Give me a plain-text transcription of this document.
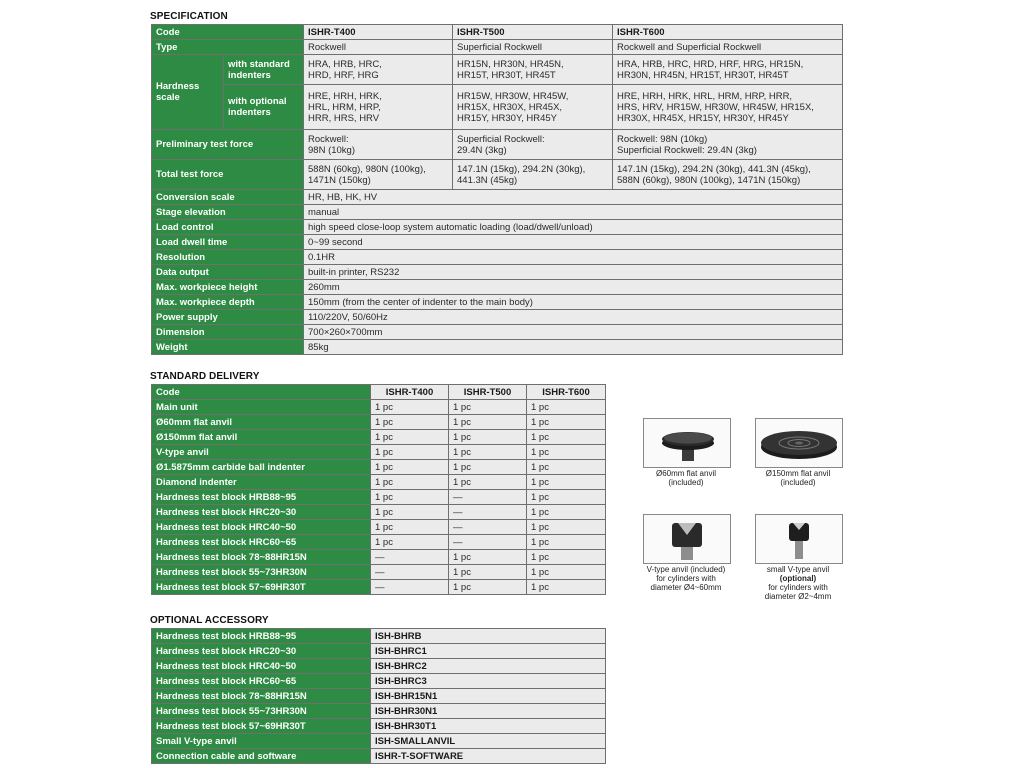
SPECIFICATION
Code		ISHR-T400	ISHR-T500	ISHR-T600
Type		Rockwell	Superficial Rockwell	Rockwell and Superficial Rockwell
Hardness scale	with standard indenters	HRA, HRB, HRC,
HRD, HRF, HRG	HR15N, HR30N, HR45N,
HR15T, HR30T, HR45T	HRA, HRB, HRC, HRD, HRF, HRG, HR15N,
HR30N, HR45N, HR15T, HR30T, HR45T
	with optional indenters	HRE, HRH, HRK,
HRL, HRM, HRP,
HRR, HRS, HRV	HR15W, HR30W, HR45W,
HR15X, HR30X, HR45X,
HR15Y, HR30Y, HR45Y	HRE, HRH, HRK, HRL, HRM, HRP, HRR,
HRS, HRV, HR15W, HR30W, HR45W, HR15X,
HR30X, HR45X, HR15Y, HR30Y, HR45Y
Preliminary test force		Rockwell:
98N (10kg)	Superficial Rockwell:
29.4N (3kg)	Rockwell: 98N (10kg)
Superficial Rockwell: 29.4N (3kg)
Total test force		588N (60kg), 980N (100kg),
1471N (150kg)	147.1N (15kg), 294.2N (30kg),
441.3N (45kg)	147.1N (15kg), 294.2N (30kg), 441.3N (45kg),
588N (60kg), 980N (100kg), 1471N (150kg)
Conversion scale		HR, HB, HK, HV		
Stage elevation		manual		
Load control		high speed close-loop system automatic loading (load/dwell/unload)		
Load dwell time		0~99 second		
Resolution		0.1HR		
Data output		built-in printer, RS232		
Max. workpiece height		260mm		
Max. workpiece depth		150mm (from the center of indenter to the main body)		
Power supply		110/220V, 50/60Hz		
Dimension		700×260×700mm		
Weight		85kg		
STANDARD DELIVERY
Code	ISHR-T400	ISHR-T500	ISHR-T600
Main unit	1 pc	1 pc	1 pc
Ø60mm flat anvil	1 pc	1 pc	1 pc
Ø150mm flat anvil	1 pc	1 pc	1 pc
V-type anvil	1 pc	1 pc	1 pc
Ø1.5875mm carbide ball indenter	1 pc	1 pc	1 pc
Diamond indenter	1 pc	1 pc	1 pc
Hardness test block HRB88~95	1 pc	—	1 pc
Hardness test block HRC20~30	1 pc	—	1 pc
Hardness test block HRC40~50	1 pc	—	1 pc
Hardness test block HRC60~65	1 pc	—	1 pc
Hardness test block 78~88HR15N	—	1 pc	1 pc
Hardness test block 55~73HR30N	—	1 pc	1 pc
Hardness test block 57~69HR30T	—	1 pc	1 pc
OPTIONAL ACCESSORY
Hardness test block HRB88~95	ISH-BHRB
Hardness test block HRC20~30	ISH-BHRC1
Hardness test block HRC40~50	ISH-BHRC2
Hardness test block HRC60~65	ISH-BHRC3
Hardness test block 78~88HR15N	ISH-BHR15N1
Hardness test block 55~73HR30N	ISH-BHR30N1
Hardness test block 57~69HR30T	ISH-BHR30T1
Small V-type anvil	ISH-SMALLANVIL
Connection cable and software	ISHR-T-SOFTWARE
Ø60mm flat anvil
(included)
Ø150mm flat anvil
(included)
V-type anvil (included)
for cylinders with
diameter Ø4~60mm
small V-type anvil
(optional)
for cylinders with
diameter Ø2~4mm
